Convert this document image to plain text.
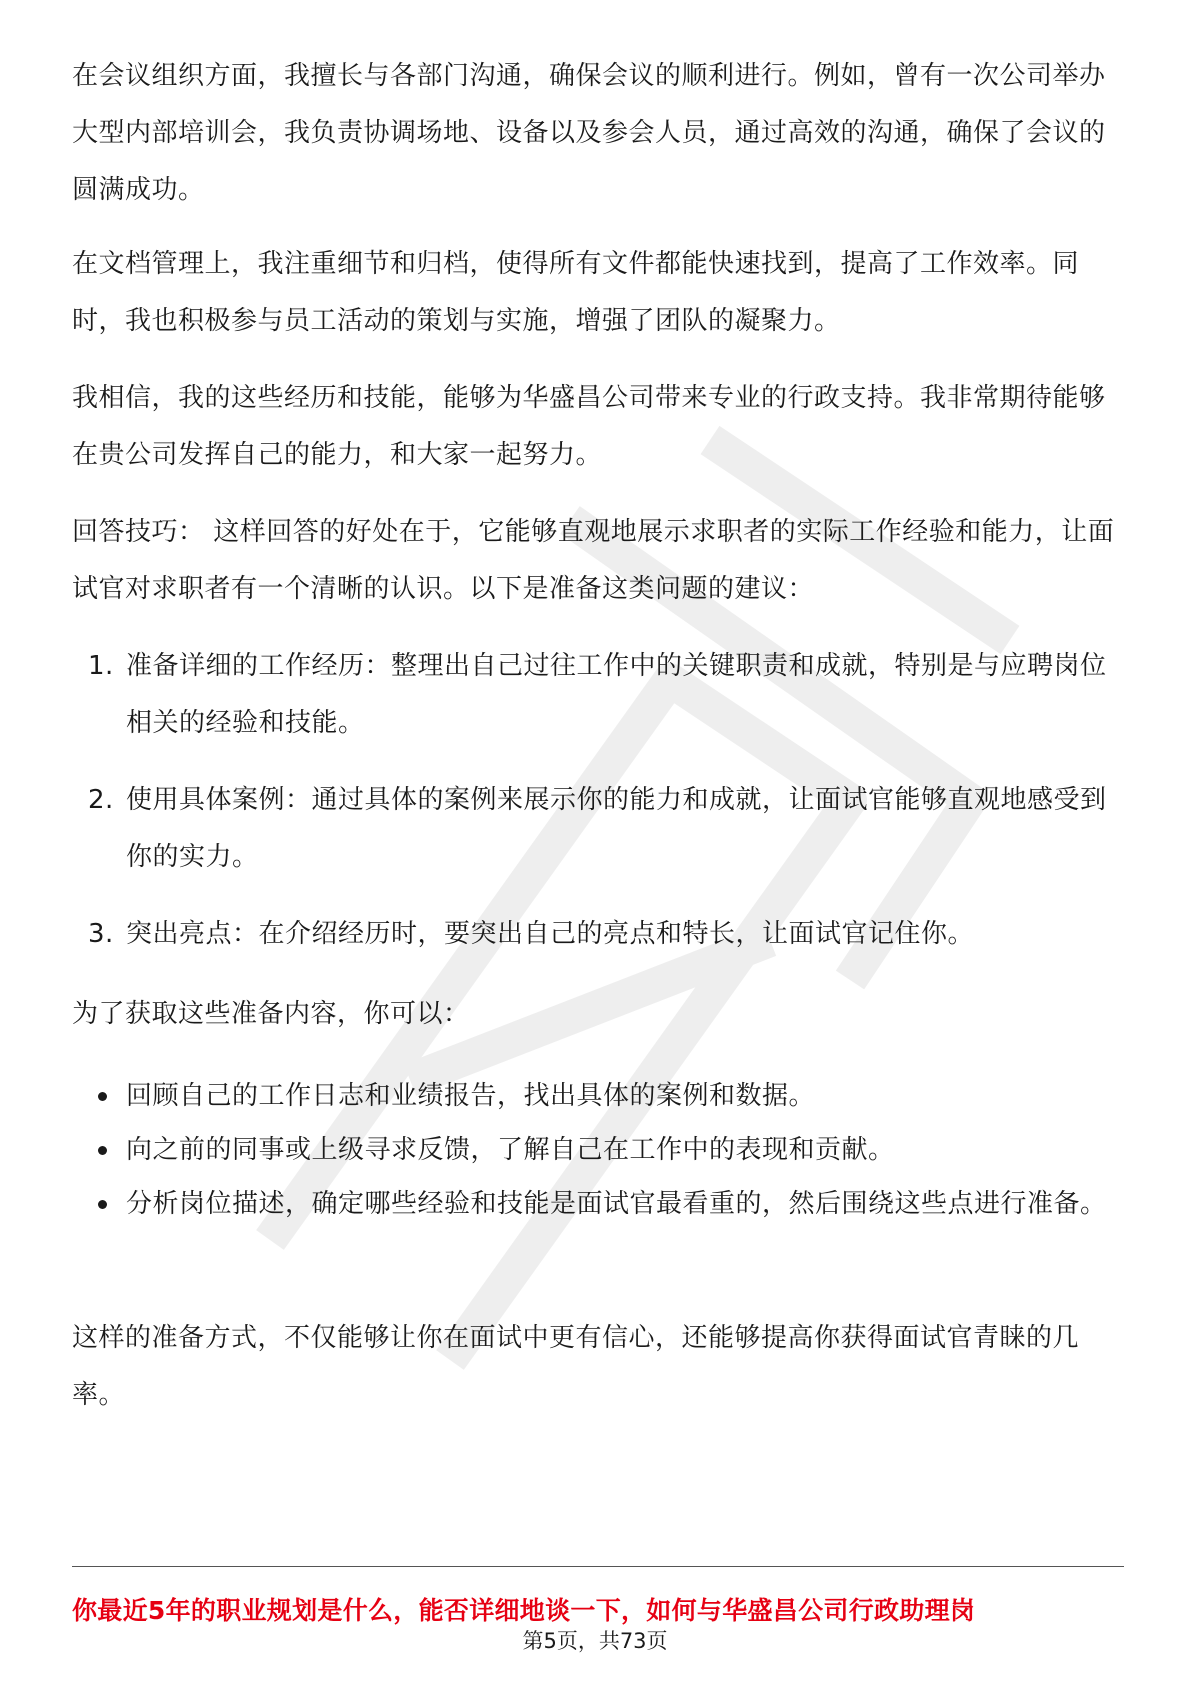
在会议组织方面，我擅长与各部门沟通，确保会议的顺利进行。例如，曾有一次公司举办大型内部培训会，我负责协调场地、设备以及参会人员，通过高效的沟通，确保了会议的圆满成功。

在文档管理上，我注重细节和归档，使得所有文件都能快速找到，提高了工作效率。同时，我也积极参与员工活动的策划与实施，增强了团队的凝聚力。

我相信，我的这些经历和技能，能够为华盛昌公司带来专业的行政支持。我非常期待能够在贵公司发挥自己的能力，和大家一起努力。

回答技巧： 这样回答的好处在于，它能够直观地展示求职者的实际工作经验和能力，让面试官对求职者有一个清晰的认识。以下是准备这类问题的建议：

1. 准备详细的工作经历：整理出自己过往工作中的关键职责和成就，特别是与应聘岗位相关的经验和技能。
2. 使用具体案例：通过具体的案例来展示你的能力和成就，让面试官能够直观地感受到你的实力。
3. 突出亮点：在介绍经历时，要突出自己的亮点和特长，让面试官记住你。

为了获取这些准备内容，你可以：

回顾自己的工作日志和业绩报告，找出具体的案例和数据。
向之前的同事或上级寻求反馈，了解自己在工作中的表现和贡献。
分析岗位描述，确定哪些经验和技能是面试官最看重的，然后围绕这些点进行准备。

这样的准备方式，不仅能够让你在面试中更有信心，还能够提高你获得面试官青睐的几率。

你最近5年的职业规划是什么，能否详细地谈一下，如何与华盛昌公司行政助理岗
第5页，共73页
